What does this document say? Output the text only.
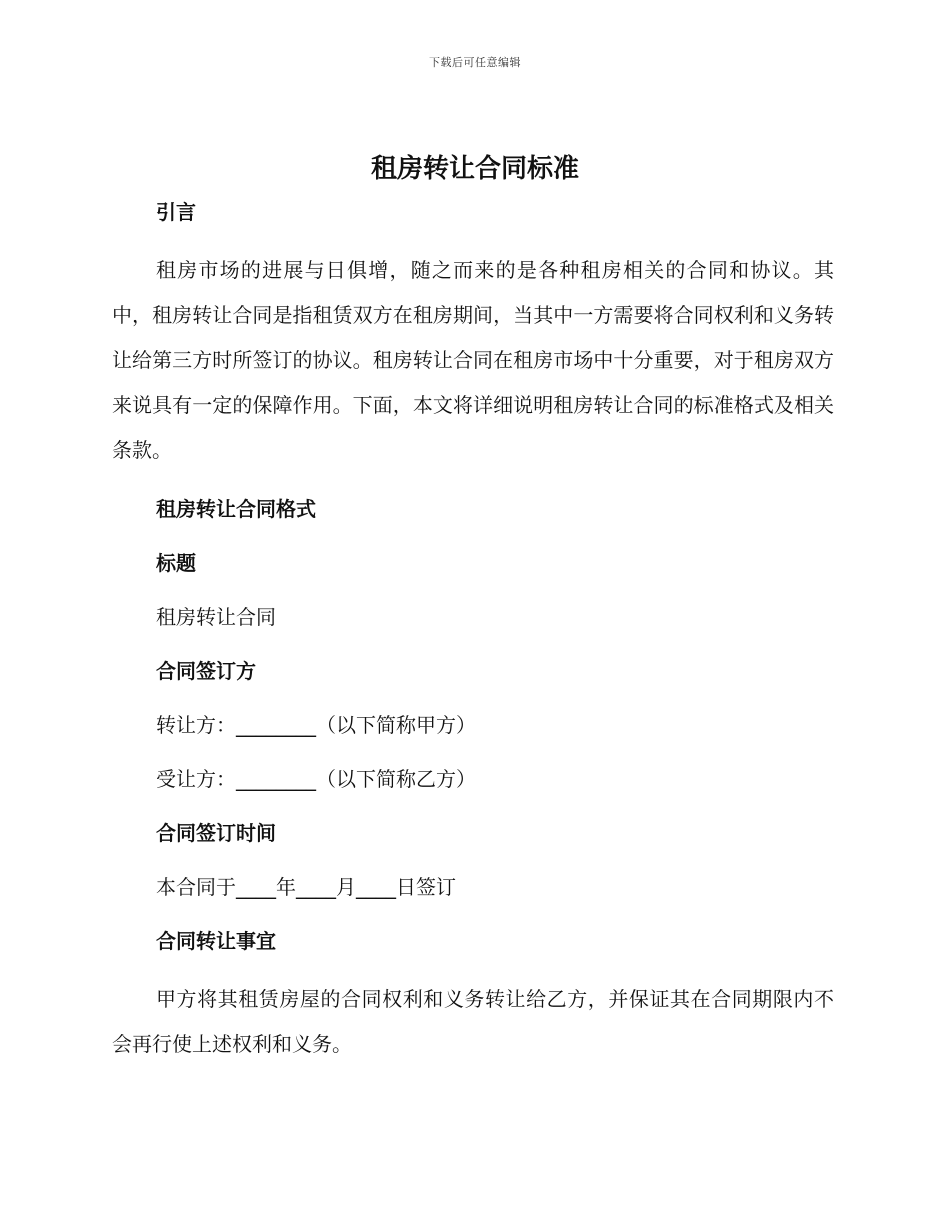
下载后可任意编辑
租房转让合同标准

引言

租房市场的进展与日俱增，随之而来的是各种租房相关的合同和协议。其中，租房转让合同是指租赁双方在租房期间，当其中一方需要将合同权利和义务转让给第三方时所签订的协议。租房转让合同在租房市场中十分重要，对于租房双方来说具有一定的保障作用。下面，本文将详细说明租房转让合同的标准格式及相关条款。

租房转让合同格式

标题

租房转让合同

合同签订方

转让方：________（以下简称甲方）

受让方：________（以下简称乙方）

合同签订时间

本合同于____年____月____日签订

合同转让事宜

甲方将其租赁房屋的合同权利和义务转让给乙方，并保证其在合同期限内不会再行使上述权利和义务。
